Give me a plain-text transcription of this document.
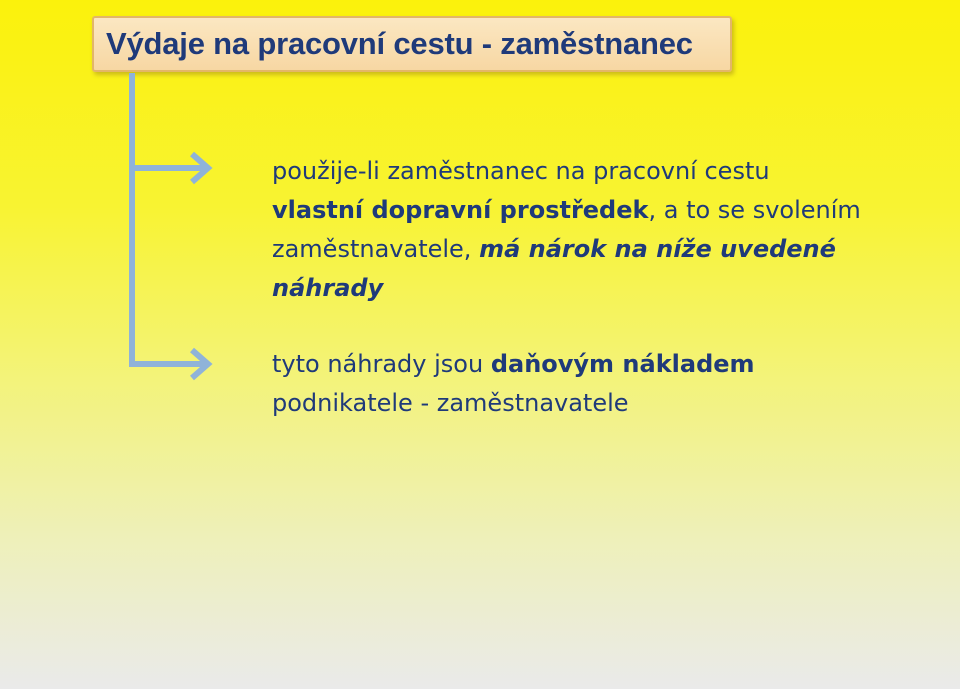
Výdaje na pracovní cestu - zaměstnanec
použije-li zaměstnanec na pracovní cestu
vlastní dopravní prostředek, a to se svolením
zaměstnavatele, má nárok na níže uvedené
náhrady
tyto náhrady jsou daňovým nákladem
podnikatele - zaměstnavatele
